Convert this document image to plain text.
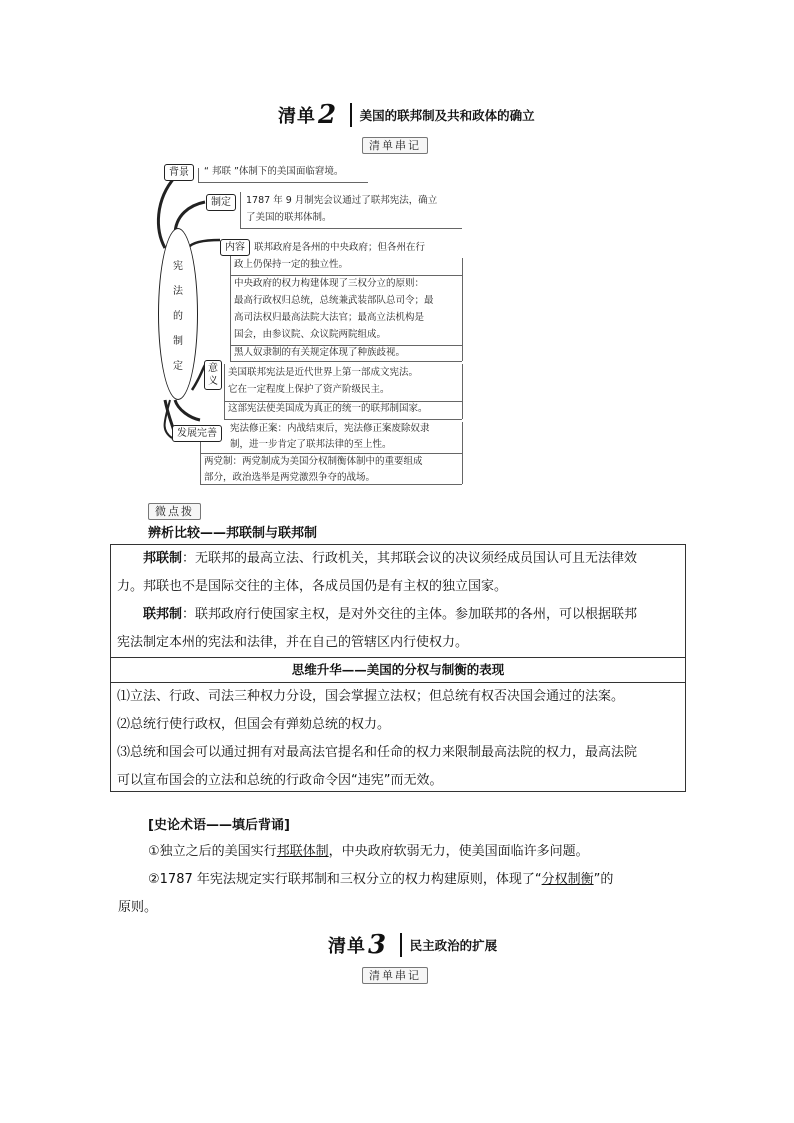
清单 2 美国的联邦制及共和政体的确立
清单串记
宪
法
的
制
定
背景	“ 邦联 ”体制下的美国面临窘境。
制定	1787 年 9 月制宪会议通过了联邦宪法，确立
了美国的联邦体制。
内容 联邦政府是各州的中央政府；但各州在行
政上仍保持一定的独立性。
中央政府的权力构建体现了三权分立的原则：
最高行政权归总统，总统兼武装部队总司令；最
高司法权归最高法院大法官；最高立法机构是
国会，由参议院、众议院两院组成。
黑人奴隶制的有关规定体现了种族歧视。
意
义
美国联邦宪法是近代世界上第一部成文宪法。
它在一定程度上保护了资产阶级民主。
这部宪法使美国成为真正的统一的联邦制国家。
发展完善	宪法修正案：内战结束后，宪法修正案废除奴隶
制，进一步肯定了联邦法律的至上性。
两党制：两党制成为美国分权制衡体制中的重要组成
部分，政治选举是两党激烈争夺的战场。
微点拨
辨析比较——邦联制与联邦制
邦联制：无联邦的最高立法、行政机关，其邦联会议的决议须经成员国认可且无法律效
力。邦联也不是国际交往的主体，各成员国仍是有主权的独立国家。
联邦制：联邦政府行使国家主权，是对外交往的主体。参加联邦的各州，可以根据联邦
宪法制定本州的宪法和法律，并在自己的管辖区内行使权力。
思维升华——美国的分权与制衡的表现
⑴立法、行政、司法三种权力分设，国会掌握立法权；但总统有权否决国会通过的法案。
⑵总统行使行政权，但国会有弹劾总统的权力。
⑶总统和国会可以通过拥有对最高法官提名和任命的权力来限制最高法院的权力，最高法院
可以宣布国会的立法和总统的行政命令因“违宪”而无效。
[史论术语——填后背诵]
①独立之后的美国实行邦联体制，中央政府软弱无力，使美国面临许多问题。
②1787 年宪法规定实行联邦制和三权分立的权力构建原则，体现了“分权制衡”的
原则。
清单 3 民主政治的扩展
清单串记
